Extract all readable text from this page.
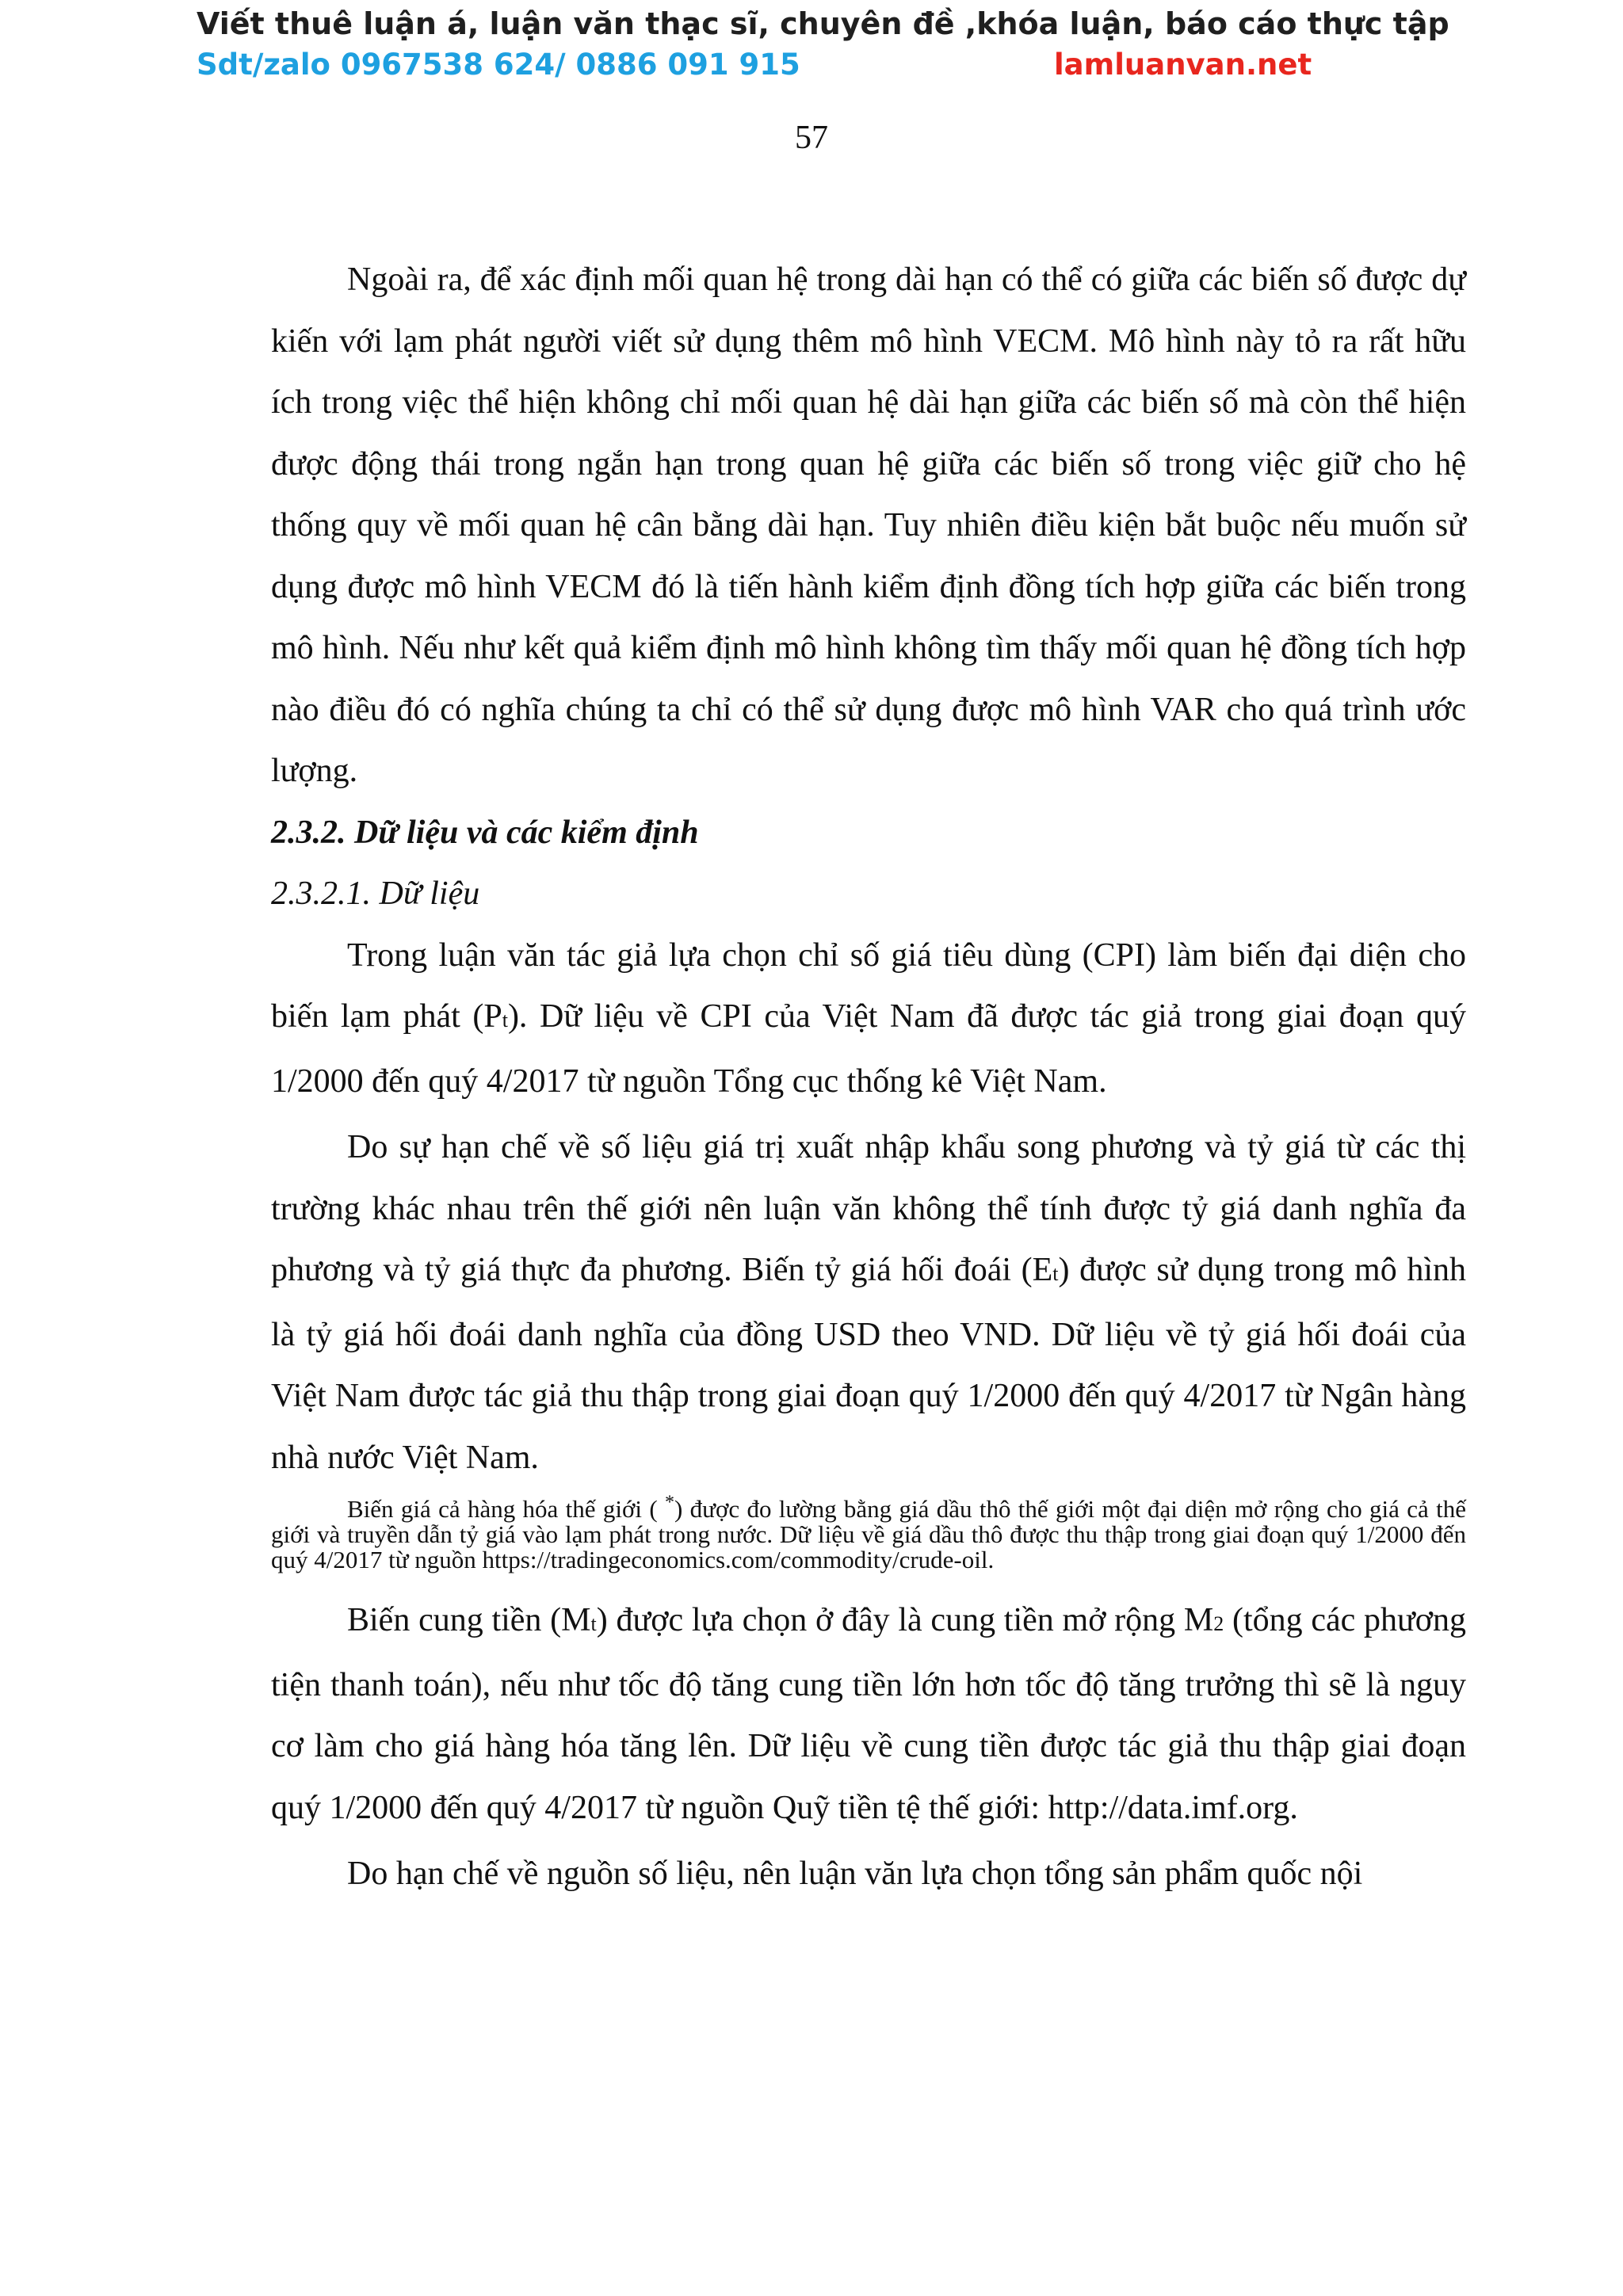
Viết thuê luận á, luận văn thạc sĩ, chuyên đề ,khóa luận, báo cáo thực tập
Sdt/zalo 0967538 624/ 0886 091 915	lamluanvan.net
57

Ngoài ra, để xác định mối quan hệ trong dài hạn có thể có giữa các biến số được dự kiến với lạm phát người viết sử dụng thêm mô hình VECM. Mô hình này tỏ ra rất hữu ích trong việc thể hiện không chỉ mối quan hệ dài hạn giữa các biến số mà còn thể hiện được động thái trong ngắn hạn trong quan hệ giữa các biến số trong việc giữ cho hệ thống quy về mối quan hệ cân bằng dài hạn. Tuy nhiên điều kiện bắt buộc nếu muốn sử dụng được mô hình VECM đó là tiến hành kiểm định đồng tích hợp giữa các biến trong mô hình. Nếu như kết quả kiểm định mô hình không tìm thấy mối quan hệ đồng tích hợp nào điều đó có nghĩa chúng ta chỉ có thể sử dụng được mô hình VAR cho quá trình ước lượng.

2.3.2. Dữ liệu và các kiểm định

2.3.2.1. Dữ liệu

Trong luận văn tác giả lựa chọn chỉ số giá tiêu dùng (CPI) làm biến đại diện cho biến lạm phát (Pt). Dữ liệu về CPI của Việt Nam đã được tác giả trong giai đoạn quý 1/2000 đến quý 4/2017 từ nguồn Tổng cục thống kê Việt Nam.

Do sự hạn chế về số liệu giá trị xuất nhập khẩu song phương và tỷ giá từ các thị trường khác nhau trên thế giới nên luận văn không thể tính được tỷ giá danh nghĩa đa phương và tỷ giá thực đa phương. Biến tỷ giá hối đoái (Et) được sử dụng trong mô hình là tỷ giá hối đoái danh nghĩa của đồng USD theo VND. Dữ liệu về tỷ giá hối đoái của Việt Nam được tác giả thu thập trong giai đoạn quý 1/2000 đến quý 4/2017 từ Ngân hàng nhà nước Việt Nam.

Biến giá cả hàng hóa thế giới ( *) được đo lường bằng giá dầu thô thế giới một đại diện mở rộng cho giá cả thế giới và truyền dẫn tỷ giá vào lạm phát trong nước. Dữ liệu về giá dầu thô được thu thập trong giai đoạn quý 1/2000 đến quý 4/2017 từ nguồn https://tradingeconomics.com/commodity/crude-oil.

Biến cung tiền (Mt) được lựa chọn ở đây là cung tiền mở rộng M2 (tổng các phương tiện thanh toán), nếu như tốc độ tăng cung tiền lớn hơn tốc độ tăng trưởng thì sẽ là nguy cơ làm cho giá hàng hóa tăng lên. Dữ liệu về cung tiền được tác giả thu thập giai đoạn quý 1/2000 đến quý 4/2017 từ nguồn Quỹ tiền tệ thế giới: http://data.imf.org.

Do hạn chế về nguồn số liệu, nên luận văn lựa chọn tổng sản phẩm quốc nội
